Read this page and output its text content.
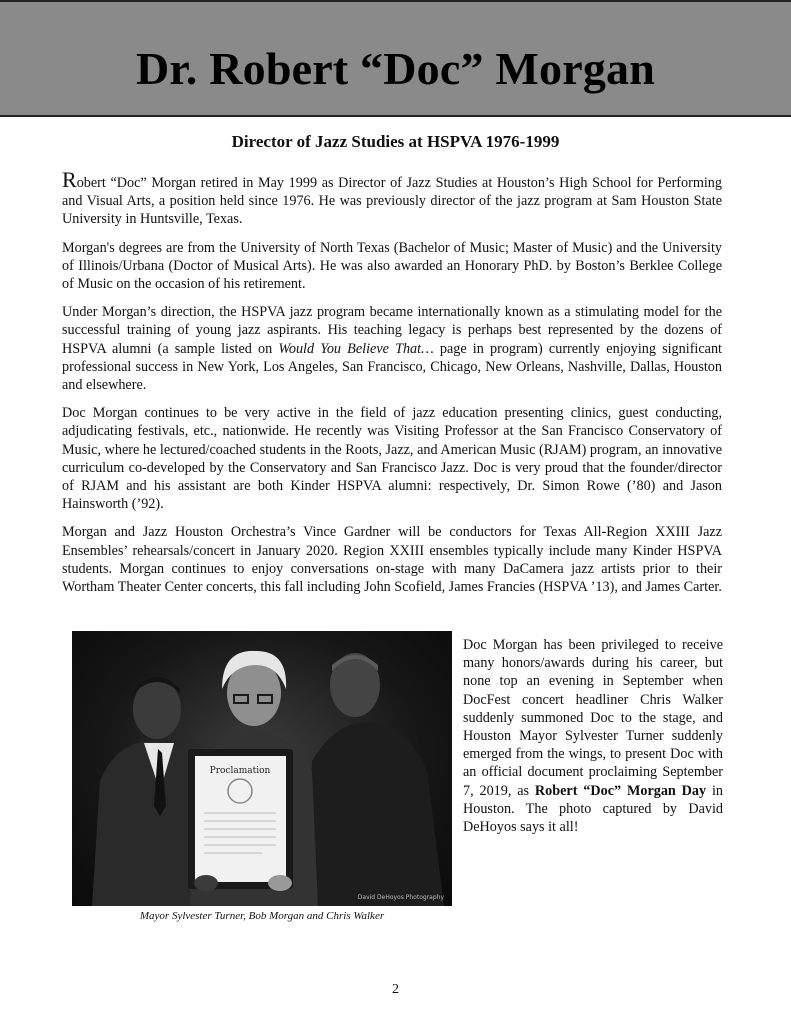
Dr. Robert “Doc” Morgan
Director of Jazz Studies at HSPVA 1976-1999

Robert “Doc” Morgan retired in May 1999 as Director of Jazz Studies at Houston’s High School for Performing and Visual Arts, a position held since 1976. He was previously director of the jazz program at Sam Houston State University in Huntsville, Texas.

Morgan's degrees are from the University of North Texas (Bachelor of Music; Master of Music) and the University of Illinois/Urbana (Doctor of Musical Arts). He was also awarded an Honorary PhD. by Boston’s Berklee College of Music on the occasion of his retirement.

Under Morgan’s direction, the HSPVA jazz program became internationally known as a stimulating model for the successful training of young jazz aspirants. His teaching legacy is perhaps best represented by the dozens of HSPVA alumni (a sample listed on Would You Believe That… page in program) currently enjoying significant professional success in New York, Los Angeles, San Francisco, Chicago, New Orleans, Nashville, Dallas, Houston and elsewhere.

Doc Morgan continues to be very active in the field of jazz education presenting clinics, guest conducting, adjudicating festivals, etc., nationwide. He recently was Visiting Professor at the San Francisco Conservatory of Music, where he lectured/coached students in the Roots, Jazz, and American Music (RJAM) program, an innovative curriculum co-developed by the Conservatory and San Francisco Jazz. Doc is very proud that the founder/director of RJAM and his assistant are both Kinder HSPVA alumni: respectively, Dr. Simon Rowe (’80) and Jason Hainsworth (’92).

Morgan and Jazz Houston Orchestra’s Vince Gardner will be conductors for Texas All-Region XXIII Jazz Ensembles’ rehearsals/concert in January 2020. Region XXIII ensembles typically include many Kinder HSPVA students. Morgan continues to enjoy conversations on-stage with many DaCamera jazz artists prior to their Wortham Theater Center concerts, this fall including John Scofield, James Francies (HSPVA ’13), and James Carter.

Proclamation
David DeHoyos Photography
Mayor Sylvester Turner, Bob Morgan and Chris Walker
Doc Morgan has been privileged to receive many honors/awards during his career, but none top an evening in September when DocFest concert headliner Chris Walker suddenly summoned Doc to the stage, and Houston Mayor Sylvester Turner suddenly emerged from the wings, to present Doc with an official document proclaiming September 7, 2019, as Robert “Doc” Morgan Day in Houston. The photo captured by David DeHoyos says it all!
2
